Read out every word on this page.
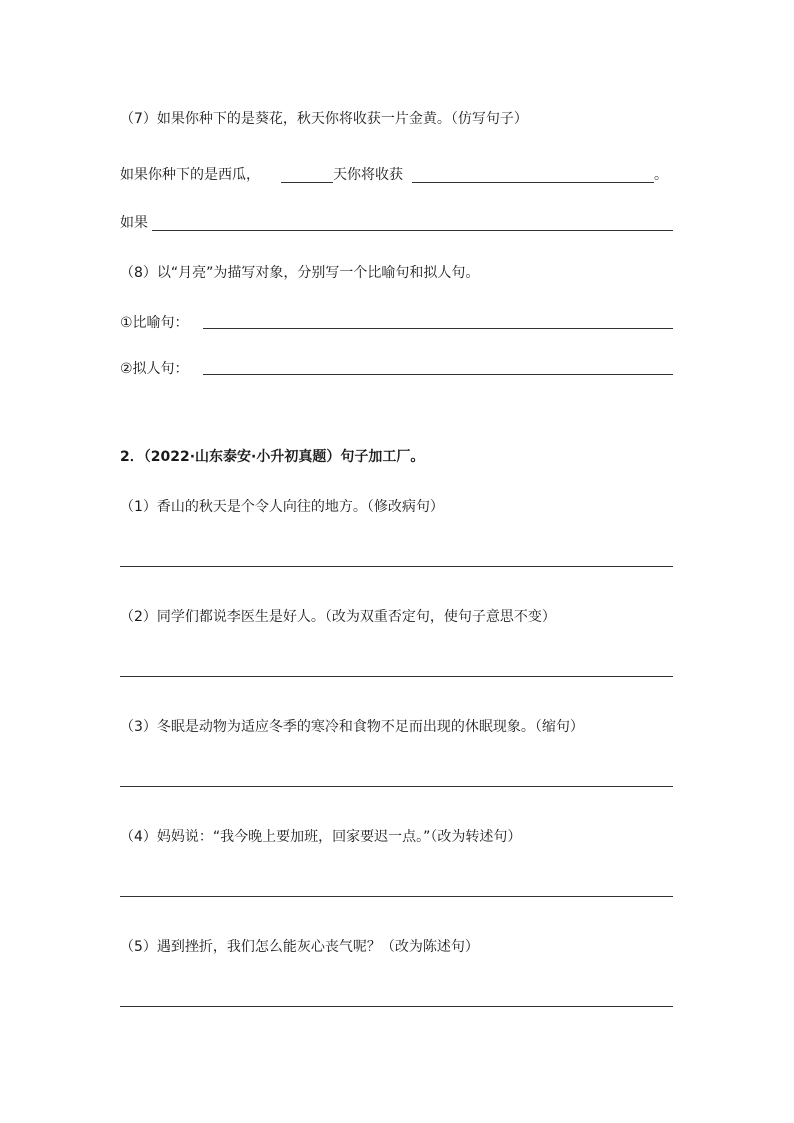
（7）如果你种下的是葵花，秋天你将收获一片金黄。（仿写句子）
如果你种下的是西瓜，	天你将收获	。
如果
（8）以“月亮”为描写对象，分别写一个比喻句和拟人句。
①比喻句：
②拟人句：
2．（2022·山东泰安·小升初真题）句子加工厂。
（1）香山的秋天是个令人向往的地方。（修改病句）
（2）同学们都说李医生是好人。（改为双重否定句，使句子意思不变）
（3）冬眠是动物为适应冬季的寒冷和食物不足而出现的休眠现象。（缩句）
（4）妈妈说：“我今晚上要加班，回家要迟一点。”（改为转述句）
（5）遇到挫折，我们怎么能灰心丧气呢？（改为陈述句）
